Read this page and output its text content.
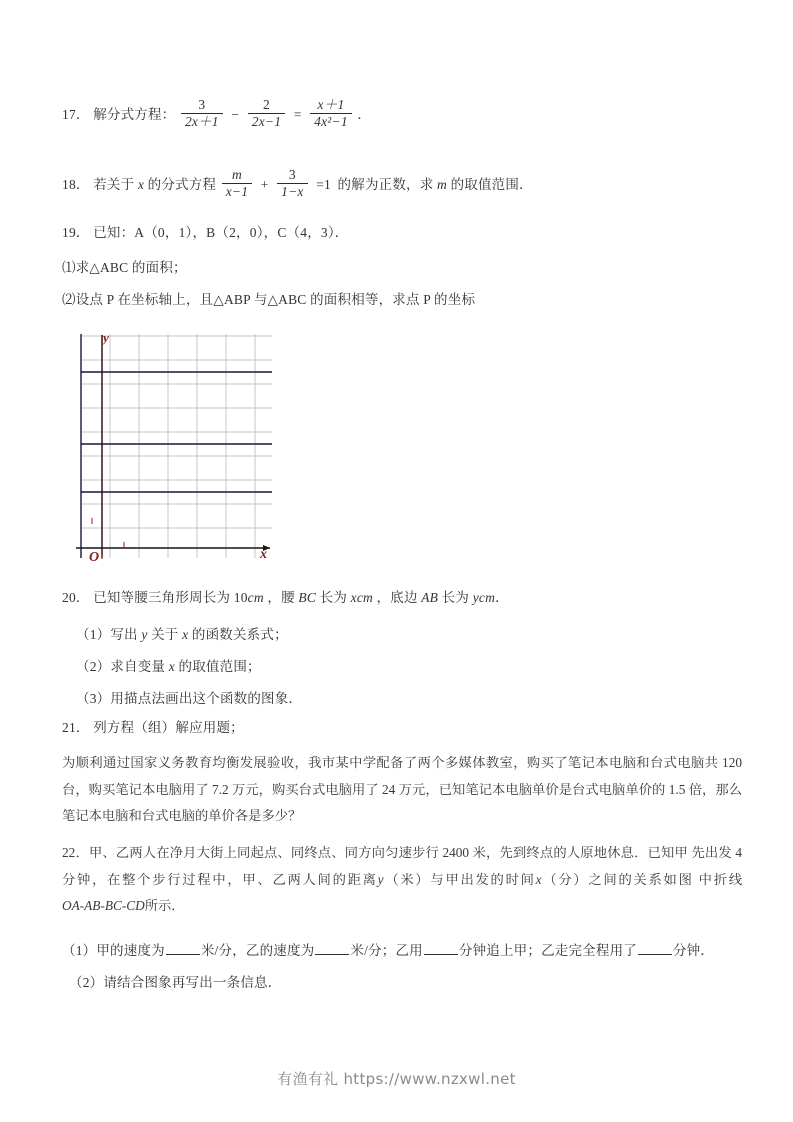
17． 解分式方程： $\frac{3}{2x+1} - \frac{2}{2x-1} = \frac{x+1}{\text{4x²−1}}$ ．
18． 若关于 x 的分式方程 $\frac{m}{x-1} + \frac{3}{1-x} =1$ 的解为正数，求 m 的取值范围．
19． 已知：A（0，1），B（2，0），C（4，3）．
⑴求△ABC 的面积；
⑵设点 P 在坐标轴上，且△ABP 与△ABC 的面积相等，求点 P 的坐标
y
x
O
20． 已知等腰三角形周长为 10cm ，腰 BC 长为 xcm ，底边 AB 长为 ycm．
（1）写出 y 关于 x 的函数关系式；
（2）求自变量 x 的取值范围；
（3）用描点法画出这个函数的图象．
21． 列方程（组）解应用题；
为顺利通过国家义务教育均衡发展验收，我市某中学配备了两个多媒体教室，购买了笔记本电脑和台式电脑共 120 台，购买笔记本电脑用了 7.2 万元，购买台式电脑用了 24 万元，已知笔记本电脑单价是台式电脑单价的 1.5 倍，那么笔记本电脑和台式电脑的单价各是多少？
22．甲、乙两人在净月大街上同起点、同终点、同方向匀速步行 2400 米，先到终点的人原地休息．已知甲 先出发 4 分钟，在整个步行过程中，甲、乙两人间的距离y（米）与甲出发的时间x（分）之间的关系如图 中折线OA‑AB‑BC‑CD所示．
（1）甲的速度为	米/分，乙的速度为	米/分；乙用	分钟追上甲；乙走完全程用了	分钟．
（2）请结合图象再写出一条信息．
有渔有礼 https://www.nzxwl.net
